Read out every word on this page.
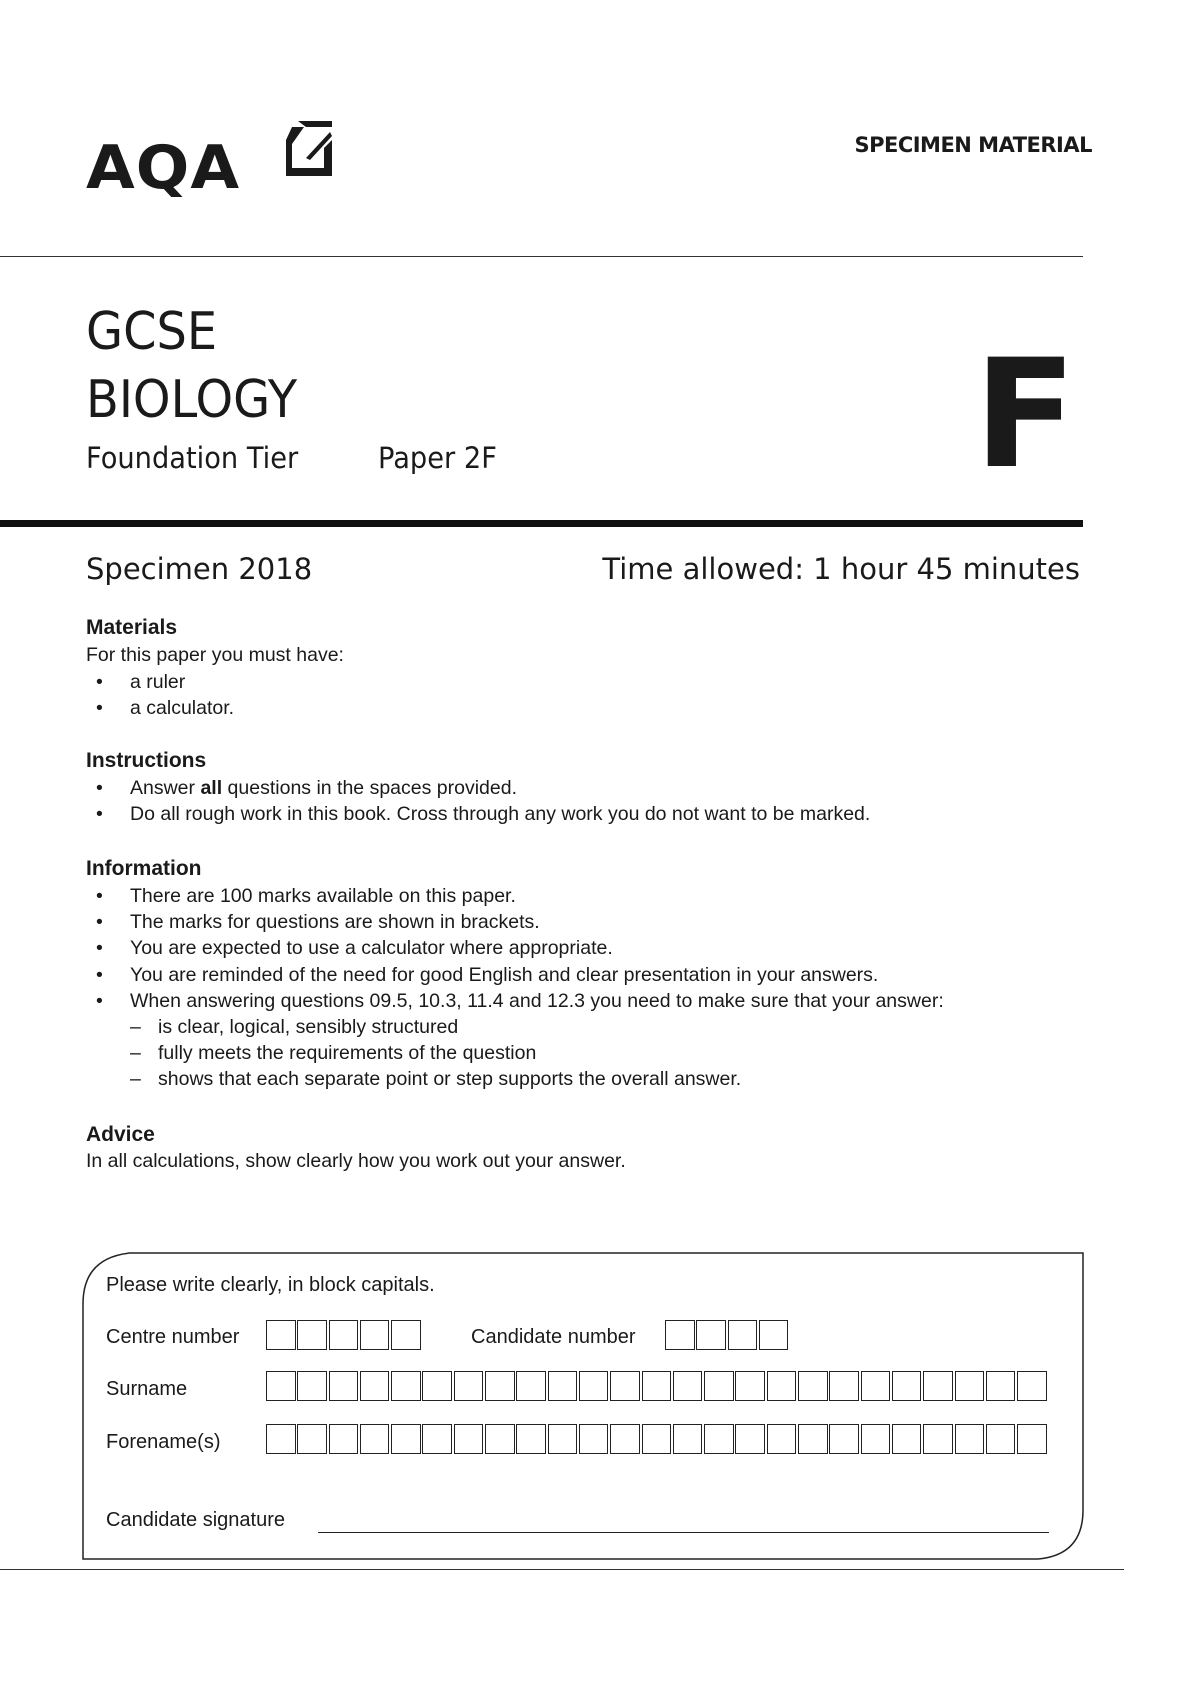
AQA	SPECIMEN MATERIAL
GCSE
BIOLOGY
Foundation Tier	Paper 2F	F
Specimen 2018	Time allowed: 1 hour 45 minutes
Materials
For this paper you must have:
• a ruler
• a calculator.
Instructions
• Answer all questions in the spaces provided.
• Do all rough work in this book. Cross through any work you do not want to be marked.
Information
• There are 100 marks available on this paper.
• The marks for questions are shown in brackets.
• You are expected to use a calculator where appropriate.
• You are reminded of the need for good English and clear presentation in your answers.
• When answering questions 09.5, 10.3, 11.4 and 12.3 you need to make sure that your answer:
– is clear, logical, sensibly structured
– fully meets the requirements of the question
– shows that each separate point or step supports the overall answer.
Advice
In all calculations, show clearly how you work out your answer.
Please write clearly, in block capitals.
Centre number	Candidate number
Surname
Forename(s)
Candidate signature
